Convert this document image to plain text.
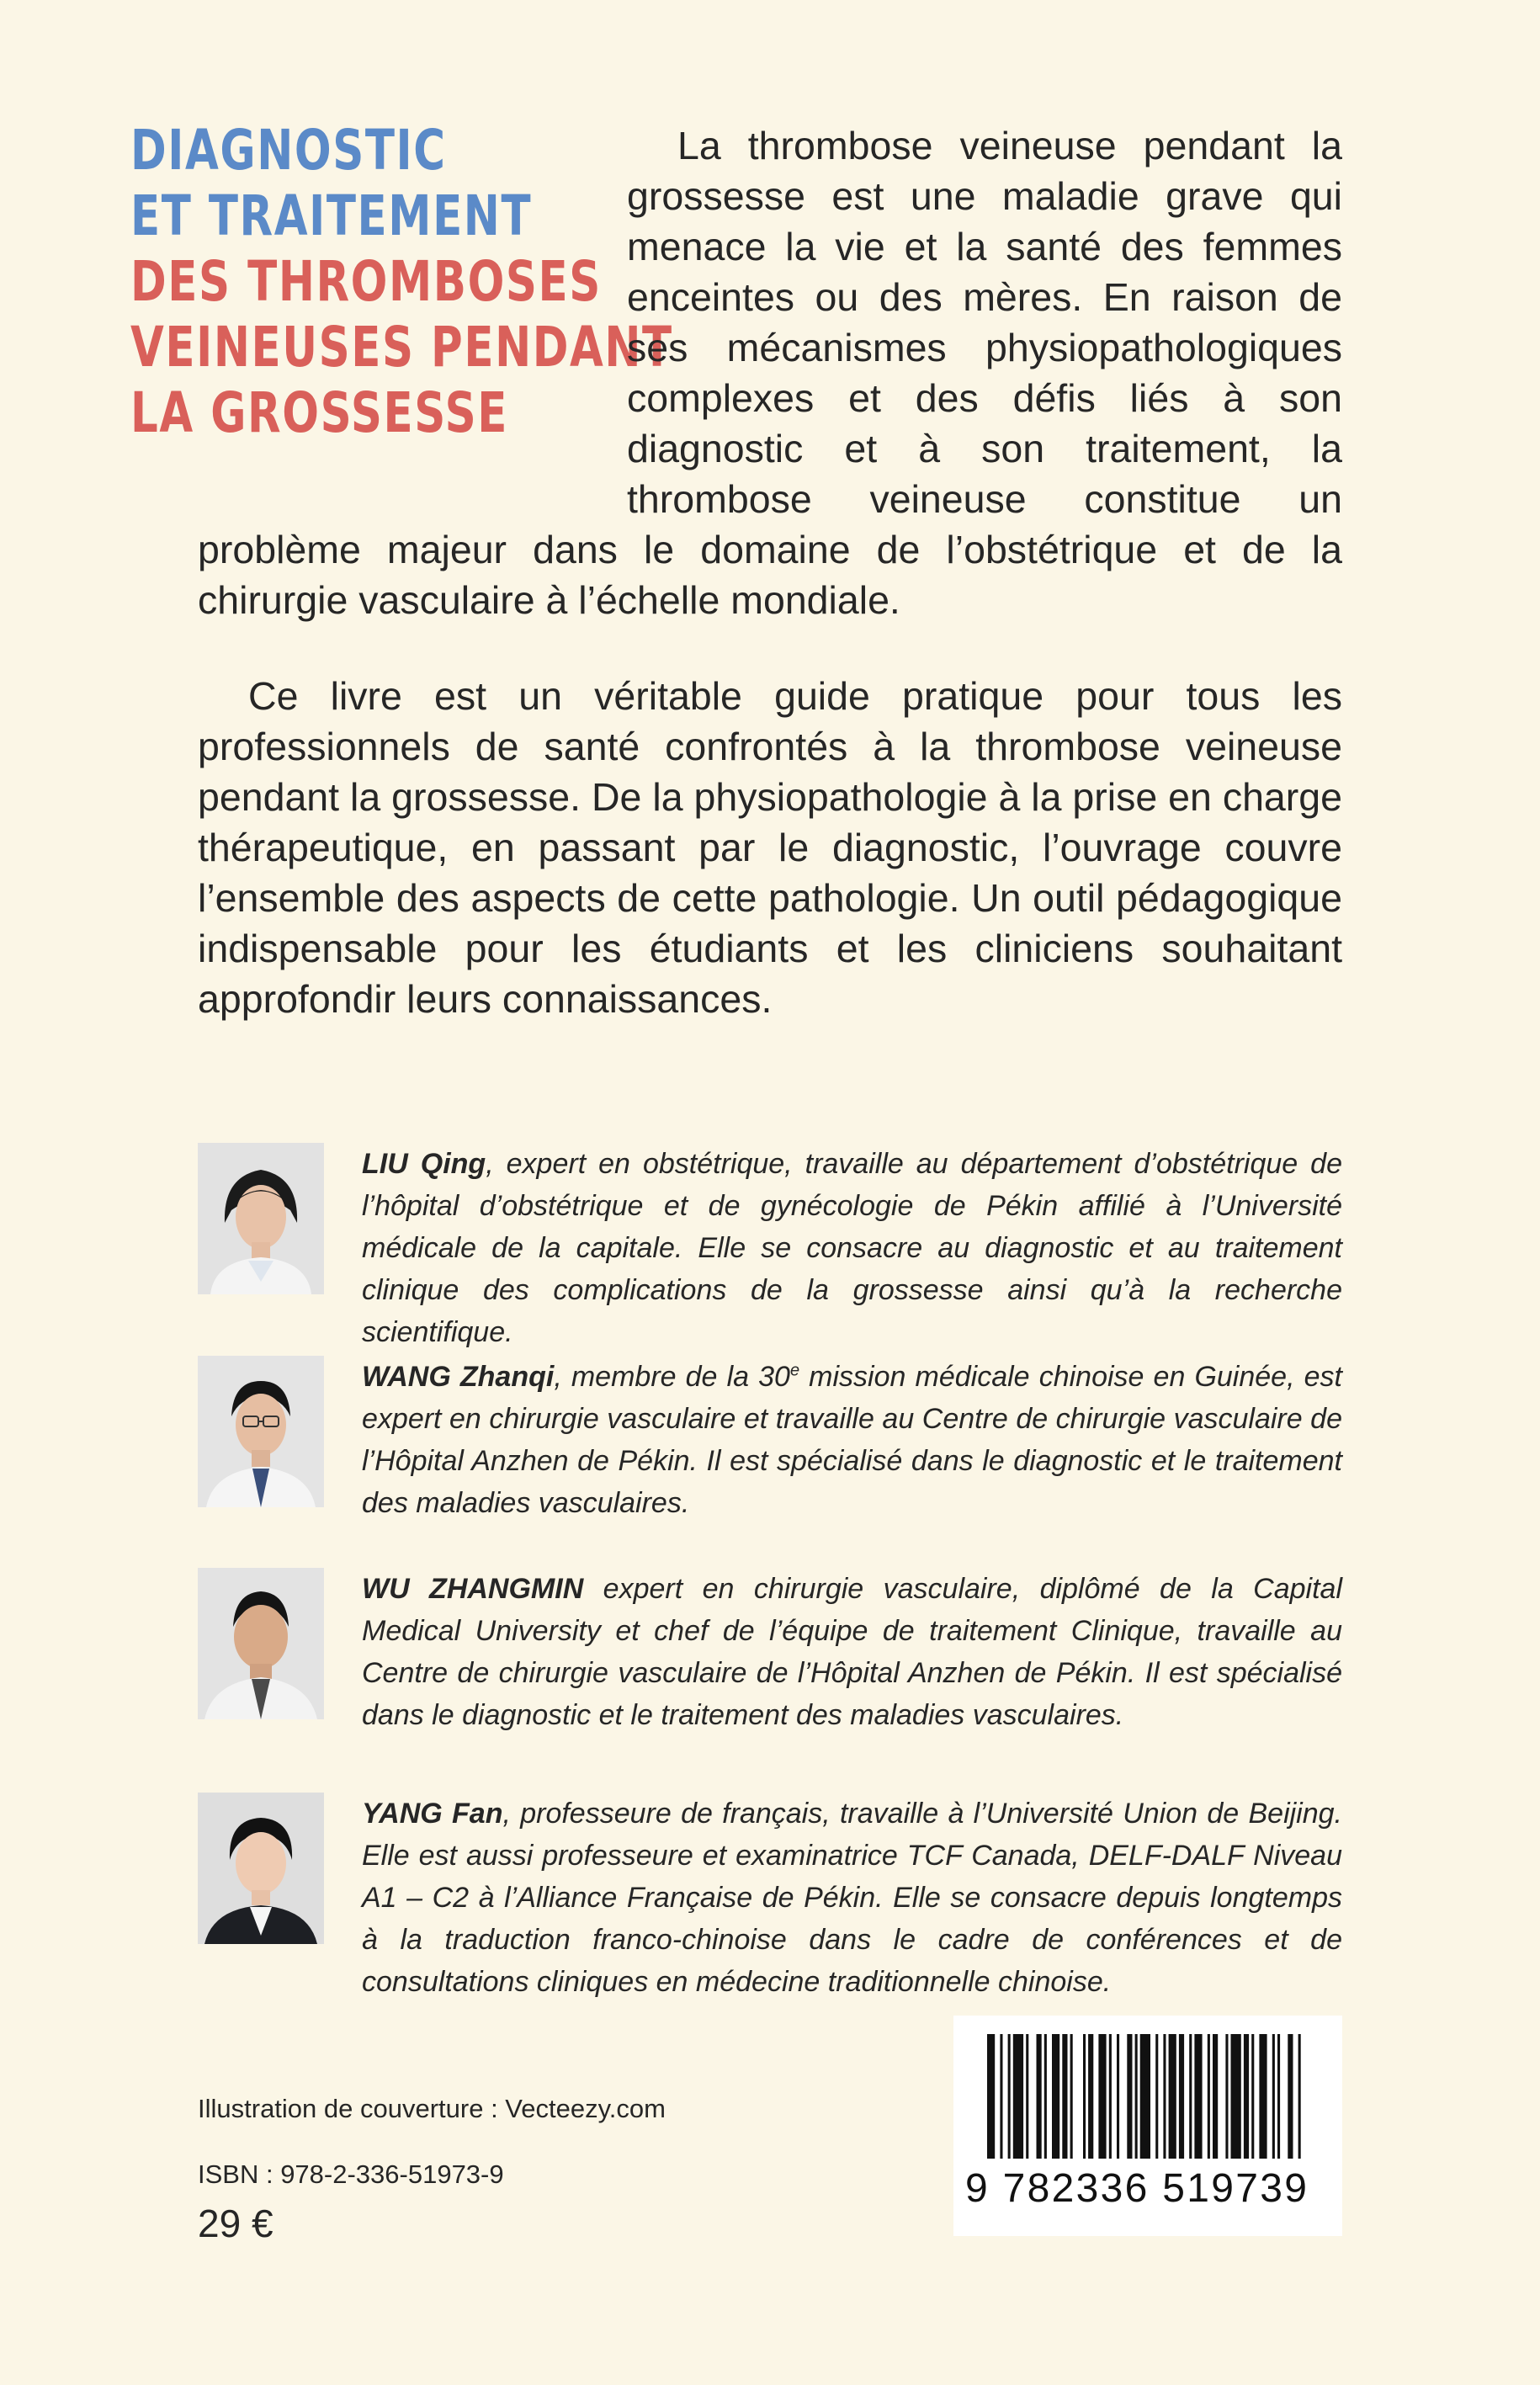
DIAGNOSTIC
ET TRAITEMENT
DES THROMBOSES
VEINEUSES PENDANT
LA GROSSESSE
La thrombose veineuse pendant la grossesse est une maladie grave qui menace la vie et la santé des femmes enceintes ou des mères. En raison de ses mécanismes physiopathologiques complexes et des défis liés à son diagnostic et à son traitement, la thrombose veineuse constitue un problème majeur dans le domaine de l’obstétrique et de la chirurgie vasculaire à l’échelle mondiale.
Ce livre est un véritable guide pratique pour tous les professionnels de santé confrontés à la thrombose veineuse pendant la grossesse. De la physiopathologie à la prise en charge thérapeutique, en passant par le diagnostic, l’ouvrage couvre l’ensemble des aspects de cette pathologie. Un outil pédagogique indispensable pour les étudiants et les cliniciens souhaitant approfondir leurs connaissances.
LIU Qing, expert en obstétrique, travaille au département d’obstétrique de l’hôpital d’obstétrique et de gynécologie de Pékin affilié à l’Université médicale de la capitale. Elle se consacre au diagnostic et au traitement clinique des complications de la grossesse ainsi qu’à la recherche scientifique.
WANG Zhanqi, membre de la 30e mission médicale chinoise en Guinée, est expert en chirurgie vasculaire et travaille au Centre de chirurgie vasculaire de l’Hôpital Anzhen de Pékin. Il est spécialisé dans le diagnostic et le traitement des maladies vasculaires.
WU ZHANGMIN expert en chirurgie vasculaire, diplômé de la Capital Medical University et chef de l’équipe de traitement Clinique, travaille au Centre de chirurgie vasculaire de l’Hôpital Anzhen de Pékin. Il est spécialisé dans le diagnostic et le traitement des maladies vasculaires.
YANG Fan, professeure de français, travaille à l’Université Union de Beijing. Elle est aussi professeure et examinatrice TCF Canada, DELF-DALF Niveau A1 – C2 à l’Alliance Française de Pékin. Elle se consacre depuis longtemps à la traduction franco-chinoise dans le cadre de conférences et de consultations cliniques en médecine traditionnelle chinoise.
Illustration de couverture : Vecteezy.com
ISBN : 978-2-336-51973-9
29 €
9 782336 519739
